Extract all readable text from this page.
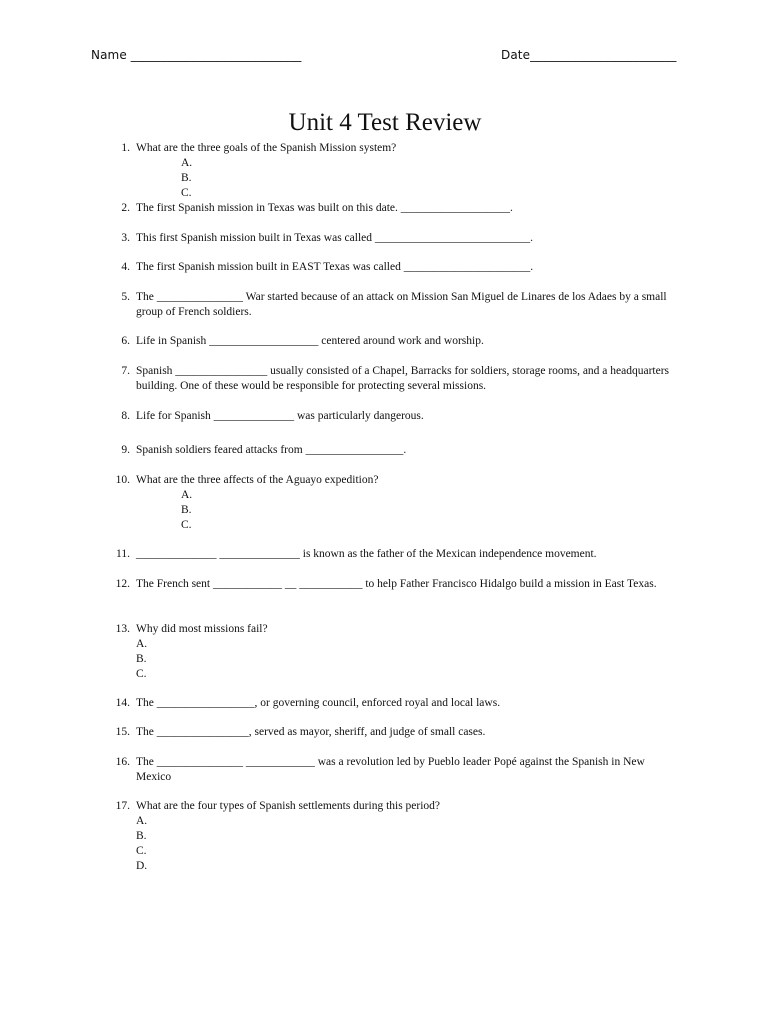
Name ____________________________	Date________________________
Unit 4 Test Review
1. What are the three goals of the Spanish Mission system?
A.
B.
C.
2. The first Spanish mission in Texas was built on this date. ___________________.
3. This first Spanish mission built in Texas was called ___________________________.
4. The first Spanish mission built in EAST Texas was called ______________________.
5. The _______________ War started because of an attack on Mission San Miguel de Linares de los Adaes by a small group of French soldiers.
6. Life in Spanish ___________________ centered around work and worship.
7. Spanish ________________ usually consisted of a Chapel, Barracks for soldiers, storage rooms, and a headquarters building. One of these would be responsible for protecting several missions.
8. Life for Spanish ______________ was particularly dangerous.
9. Spanish soldiers feared attacks from _________________.
10. What are the three affects of the Aguayo expedition?
A.
B.
C.
11. ______________ ______________ is known as the father of the Mexican independence movement.
12. The French sent ____________ __ ___________ to help Father Francisco Hidalgo build a mission in East Texas.
13. Why did most missions fail?
A.
B.
C.
14. The _________________, or governing council, enforced royal and local laws.
15. The ________________, served as mayor, sheriff, and judge of small cases.
16. The _______________ ____________ was a revolution led by Pueblo leader Popé against the Spanish in New Mexico
17. What are the four types of Spanish settlements during this period?
A.
B.
C.
D.
